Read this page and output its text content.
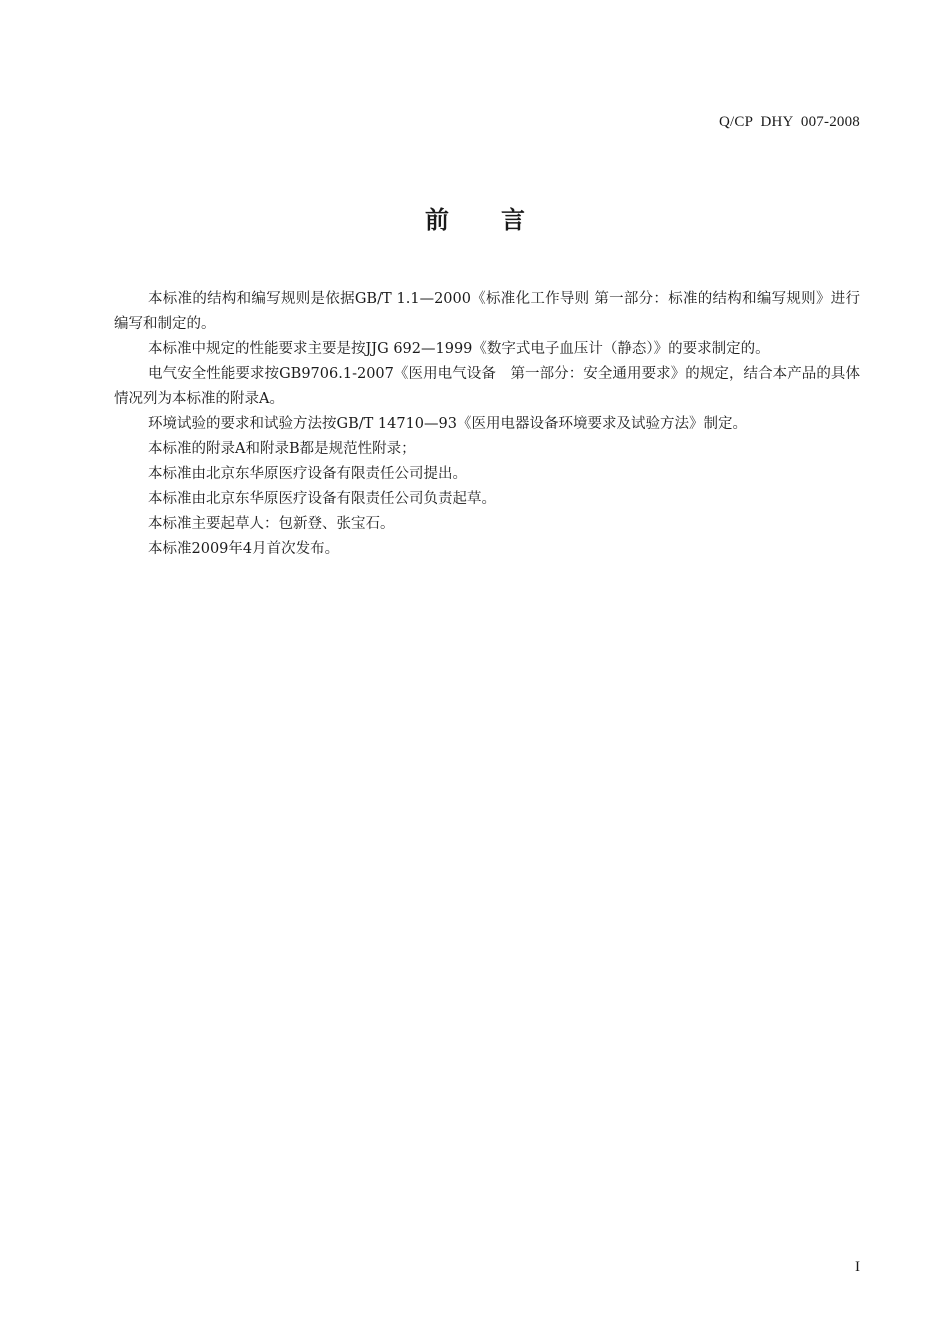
Q/CP  DHY  007-2008
前 言

本标准的结构和编写规则是依据GB/T 1.1—2000《标准化工作导则 第一部分：标准的结构和编写规则》进行编写和制定的。

本标准中规定的性能要求主要是按JJG 692—1999《数字式电子血压计（静态）》的要求制定的。

电气安全性能要求按GB9706.1-2007《医用电气设备　第一部分：安全通用要求》的规定，结合本产品的具体情况列为本标准的附录A。

环境试验的要求和试验方法按GB/T 14710—93《医用电器设备环境要求及试验方法》制定。

本标准的附录A和附录B都是规范性附录；

本标准由北京东华原医疗设备有限责任公司提出。

本标准由北京东华原医疗设备有限责任公司负责起草。

本标准主要起草人：包新登、张宝石。

本标准2009年4月首次发布。

I
